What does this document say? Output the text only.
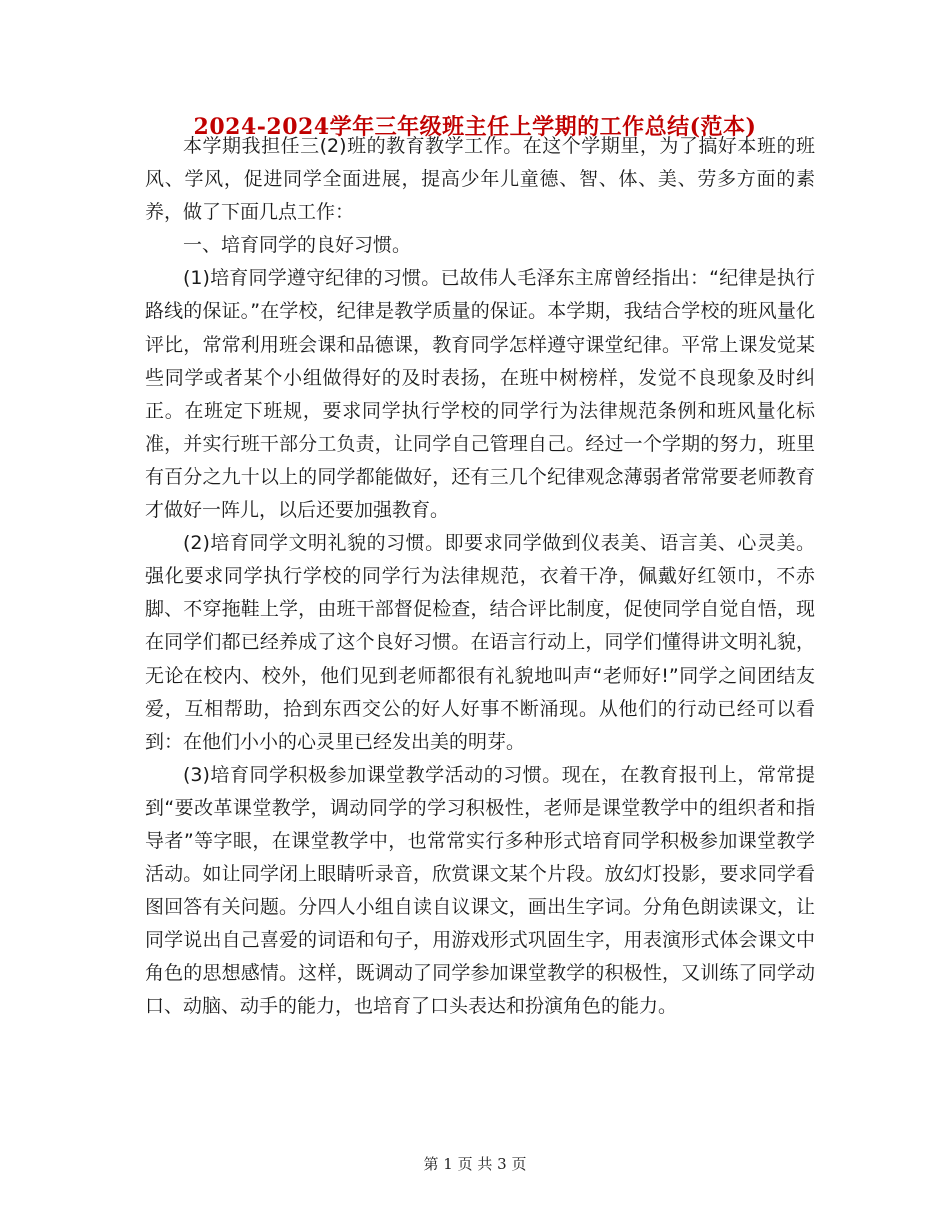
2024-2024学年三年级班主任上学期的工作总结(范本)

本学期我担任三(2)班的教育教学工作。在这个学期里，为了搞好本班的班风、学风，促进同学全面进展，提高少年儿童德、智、体、美、劳多方面的素养，做了下面几点工作：

一、培育同学的良好习惯。

(1)培育同学遵守纪律的习惯。已故伟人毛泽东主席曾经指出：“纪律是执行路线的保证。”在学校，纪律是教学质量的保证。本学期，我结合学校的班风量化评比，常常利用班会课和品德课，教育同学怎样遵守课堂纪律。平常上课发觉某些同学或者某个小组做得好的及时表扬，在班中树榜样，发觉不良现象及时纠正。在班定下班规，要求同学执行学校的同学行为法律规范条例和班风量化标准，并实行班干部分工负责，让同学自己管理自己。经过一个学期的努力，班里有百分之九十以上的同学都能做好，还有三几个纪律观念薄弱者常常要老师教育才做好一阵儿，以后还要加强教育。

(2)培育同学文明礼貌的习惯。即要求同学做到仪表美、语言美、心灵美。强化要求同学执行学校的同学行为法律规范，衣着干净，佩戴好红领巾，不赤脚、不穿拖鞋上学，由班干部督促检查，结合评比制度，促使同学自觉自悟，现在同学们都已经养成了这个良好习惯。在语言行动上，同学们懂得讲文明礼貌，无论在校内、校外，他们见到老师都很有礼貌地叫声“老师好!”同学之间团结友爱，互相帮助，拾到东西交公的好人好事不断涌现。从他们的行动已经可以看到：在他们小小的心灵里已经发出美的明芽。

(3)培育同学积极参加课堂教学活动的习惯。现在，在教育报刊上，常常提到“要改革课堂教学，调动同学的学习积极性，老师是课堂教学中的组织者和指导者”等字眼，在课堂教学中，也常常实行多种形式培育同学积极参加课堂教学活动。如让同学闭上眼睛听录音，欣赏课文某个片段。放幻灯投影，要求同学看图回答有关问题。分四人小组自读自议课文，画出生字词。分角色朗读课文，让同学说出自己喜爱的词语和句子，用游戏形式巩固生字，用表演形式体会课文中角色的思想感情。这样，既调动了同学参加课堂教学的积极性，又训练了同学动口、动脑、动手的能力，也培育了口头表达和扮演角色的能力。

第 1 页 共 3 页
